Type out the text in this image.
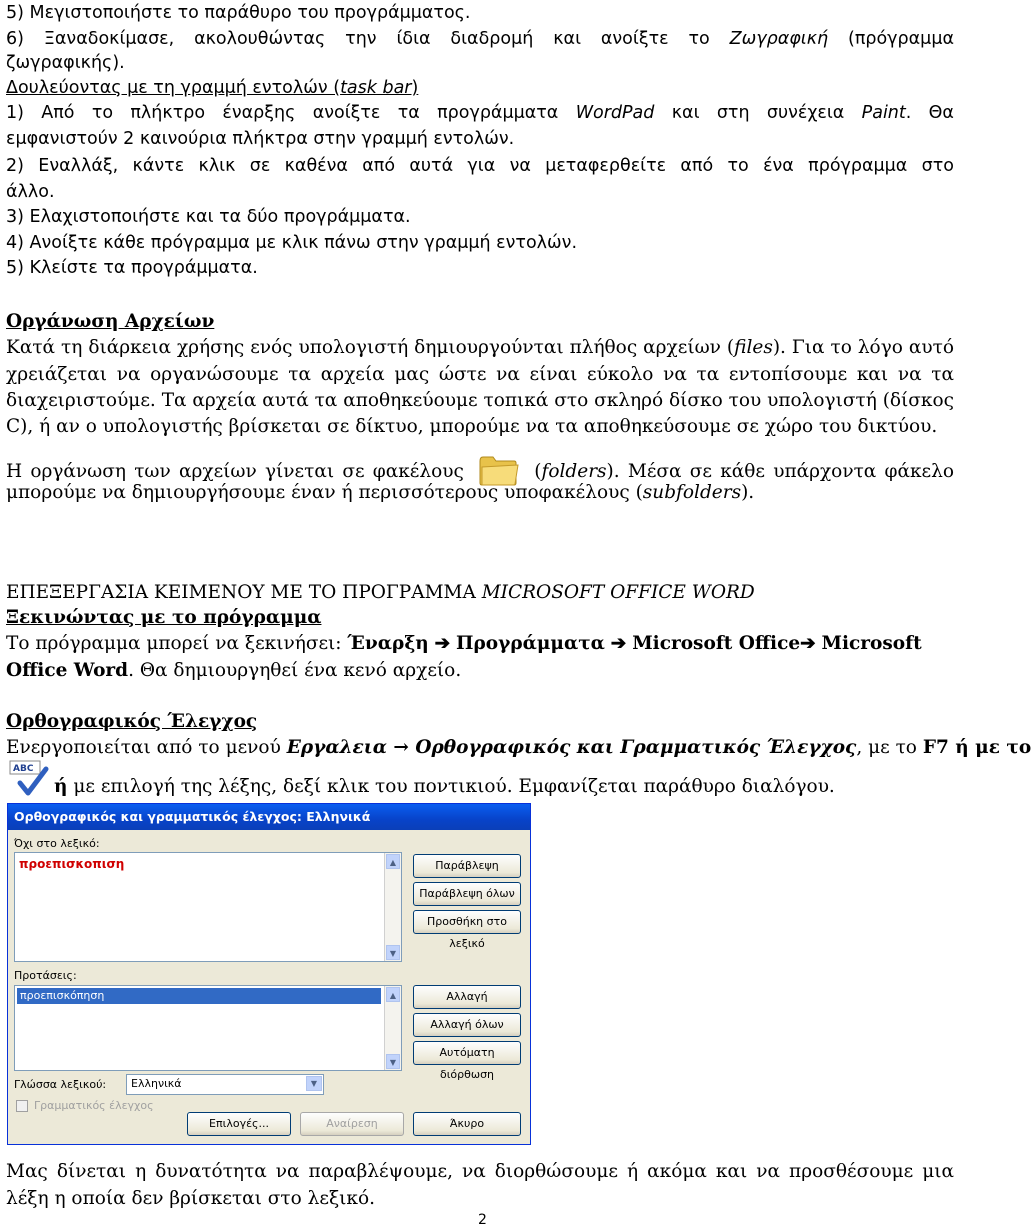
5) Μεγιστοποιήστε το παράθυρο του προγράμματος.
6) Ξαναδοκίμασε, ακολουθώντας την ίδια διαδρομή και ανοίξτε το Ζωγραφική (πρόγραμμα
ζωγραφικής).
Δουλεύοντας με τη γραμμή εντολών (task bar)
1) Από το πλήκτρο έναρξης ανοίξτε τα προγράμματα WordPad και στη συνέχεια Paint. Θα
εμφανιστούν 2 καινούρια πλήκτρα στην γραμμή εντολών.
2) Εναλλάξ, κάντε κλικ σε καθένα από αυτά για να μεταφερθείτε από το ένα πρόγραμμα στο
άλλο.
3) Ελαχιστοποιήστε και τα δύο προγράμματα.
4) Ανοίξτε κάθε πρόγραμμα με κλικ πάνω στην γραμμή εντολών.
5) Κλείστε τα προγράμματα.
Οργάνωση Αρχείων
Κατά τη διάρκεια χρήσης ενός υπολογιστή δημιουργούνται πλήθος αρχείων (files). Για το λόγο αυτό
χρειάζεται να οργανώσουμε τα αρχεία μας ώστε να είναι εύκολο να τα εντοπίσουμε και να τα
διαχειριστούμε. Τα αρχεία αυτά τα αποθηκεύουμε τοπικά στο σκληρό δίσκο του υπολογιστή (δίσκος
C), ή αν ο υπολογιστής βρίσκεται σε δίκτυο, μπορούμε να τα αποθηκεύσουμε σε χώρο του δικτύου.
Η οργάνωση των αρχείων γίνεται σε φακέλους	(folders). Μέσα σε κάθε υπάρχοντα φάκελο
μπορούμε να δημιουργήσουμε έναν ή περισσότερους υποφακέλους (subfolders).
ΕΠΕΞΕΡΓΑΣΙΑ ΚΕΙΜΕΝΟΥ ΜΕ ΤΟ ΠΡΟΓΡΑΜΜΑ MICROSOFT OFFICE WORD
Ξεκινώντας με το πρόγραμμα
Το πρόγραμμα μπορεί να ξεκινήσει: Έναρξη ➔ Προγράμματα ➔ Microsoft Office➔ Microsoft
Office Word. Θα δημιουργηθεί ένα κενό αρχείο.
Ορθογραφικός Έλεγχος
Ενεργοποιείται από το μενού Εργαλεια → Ορθογραφικός και Γραμματικός Έλεγχος, με το F7 ή με το
ABC
ή με επιλογή της λέξης, δεξί κλικ του ποντικιού. Εμφανίζεται παράθυρο διαλόγου.
Ορθογραφικός και γραμματικός έλεγχος: Ελληνικά
Όχι στο λεξικό:
προεπισκοπιση	▲
▼
Παράβλεψη
Παράβλεψη όλων
Προσθήκη στο λεξικό
Προτάσεις:
προεπισκόπηση	▲
▼
Αλλαγή
Αλλαγή όλων
Αυτόματη διόρθωση
Γλώσσα λεξικού: Ελληνικά	▼
Γραμματικός έλεγχος
Επιλογές...	Αναίρεση	Άκυρο
Μας δίνεται η δυνατότητα να παραβλέψουμε, να διορθώσουμε ή ακόμα και να προσθέσουμε μια
λέξη η οποία δεν βρίσκεται στο λεξικό.
2
